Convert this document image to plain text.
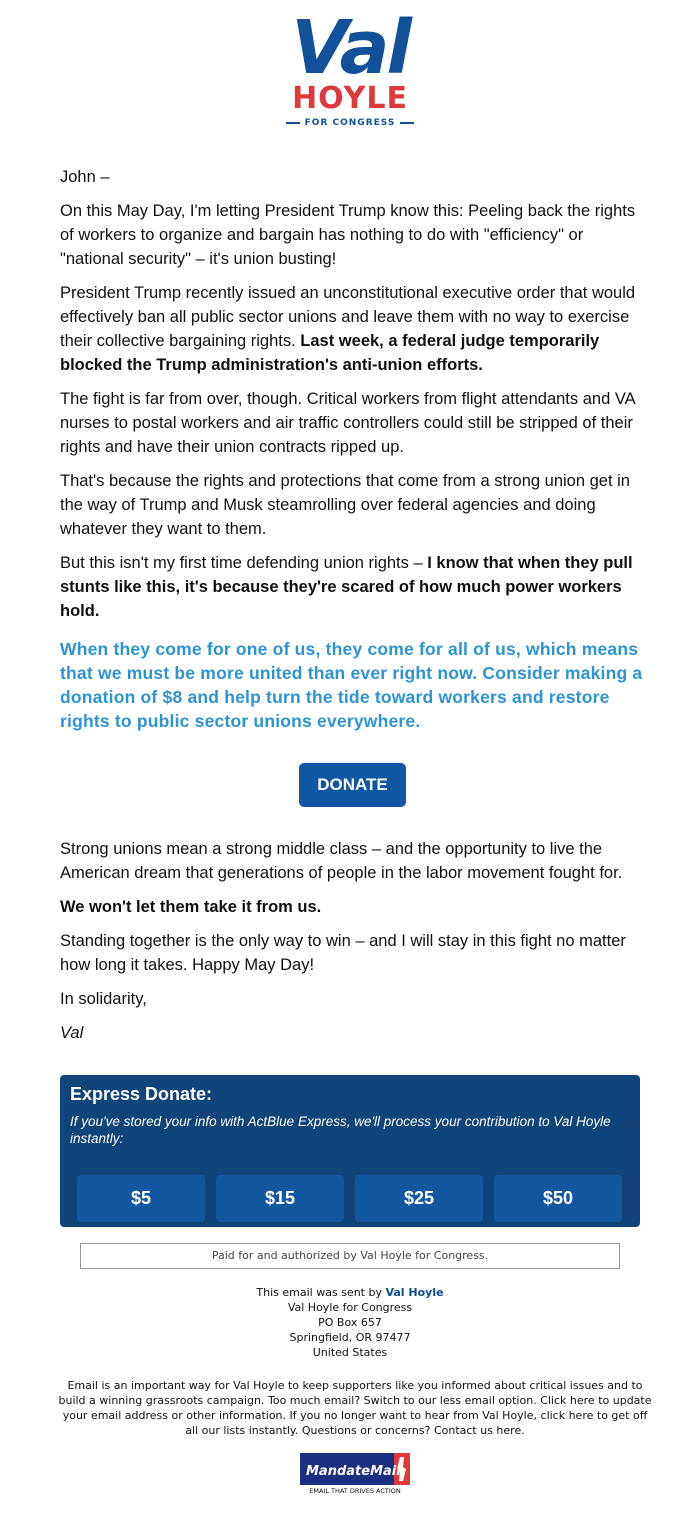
Val
HOYLE
FOR CONGRESS

John –

On this May Day, I'm letting President Trump know this: Peeling back the rights of workers to organize and bargain has nothing to do with "efficiency" or "national security" – it's union busting!

President Trump recently issued an unconstitutional executive order that would effectively ban all public sector unions and leave them with no way to exercise their collective bargaining rights. Last week, a federal judge temporarily blocked the Trump administration's anti-union efforts.

The fight is far from over, though. Critical workers from flight attendants and VA nurses to postal workers and air traffic controllers could still be stripped of their rights and have their union contracts ripped up.

That's because the rights and protections that come from a strong union get in the way of Trump and Musk steamrolling over federal agencies and doing whatever they want to them.

But this isn't my first time defending union rights – I know that when they pull stunts like this, it's because they're scared of how much power workers hold.

When they come for one of us, they come for all of us, which means that we must be more united than ever right now. Consider making a donation of $8 and help turn the tide toward workers and restore rights to public sector unions everywhere.

DONATE

Strong unions mean a strong middle class – and the opportunity to live the American dream that generations of people in the labor movement fought for.

We won't let them take it from us.

Standing together is the only way to win – and I will stay in this fight no matter how long it takes. Happy May Day!

In solidarity,

Val

Express Donate:
If you've stored your info with ActBlue Express, we'll process your contribution to Val Hoyle instantly:
$5	$15	$25	$50
Paid for and authorized by Val Hoyle for Congress.
This email was sent by Val Hoyle
Val Hoyle for Congress
PO Box 657
Springfield, OR 97477
United States
Email is an important way for Val Hoyle to keep supporters like you informed about critical issues and to build a winning grassroots campaign. Too much email? Switch to our less email option. Click here to update your email address or other information. If you no longer want to hear from Val Hoyle, click here to get off all our lists instantly. Questions or concerns? Contact us here.
MandateMail
EMAIL THAT DRIVES ACTION
